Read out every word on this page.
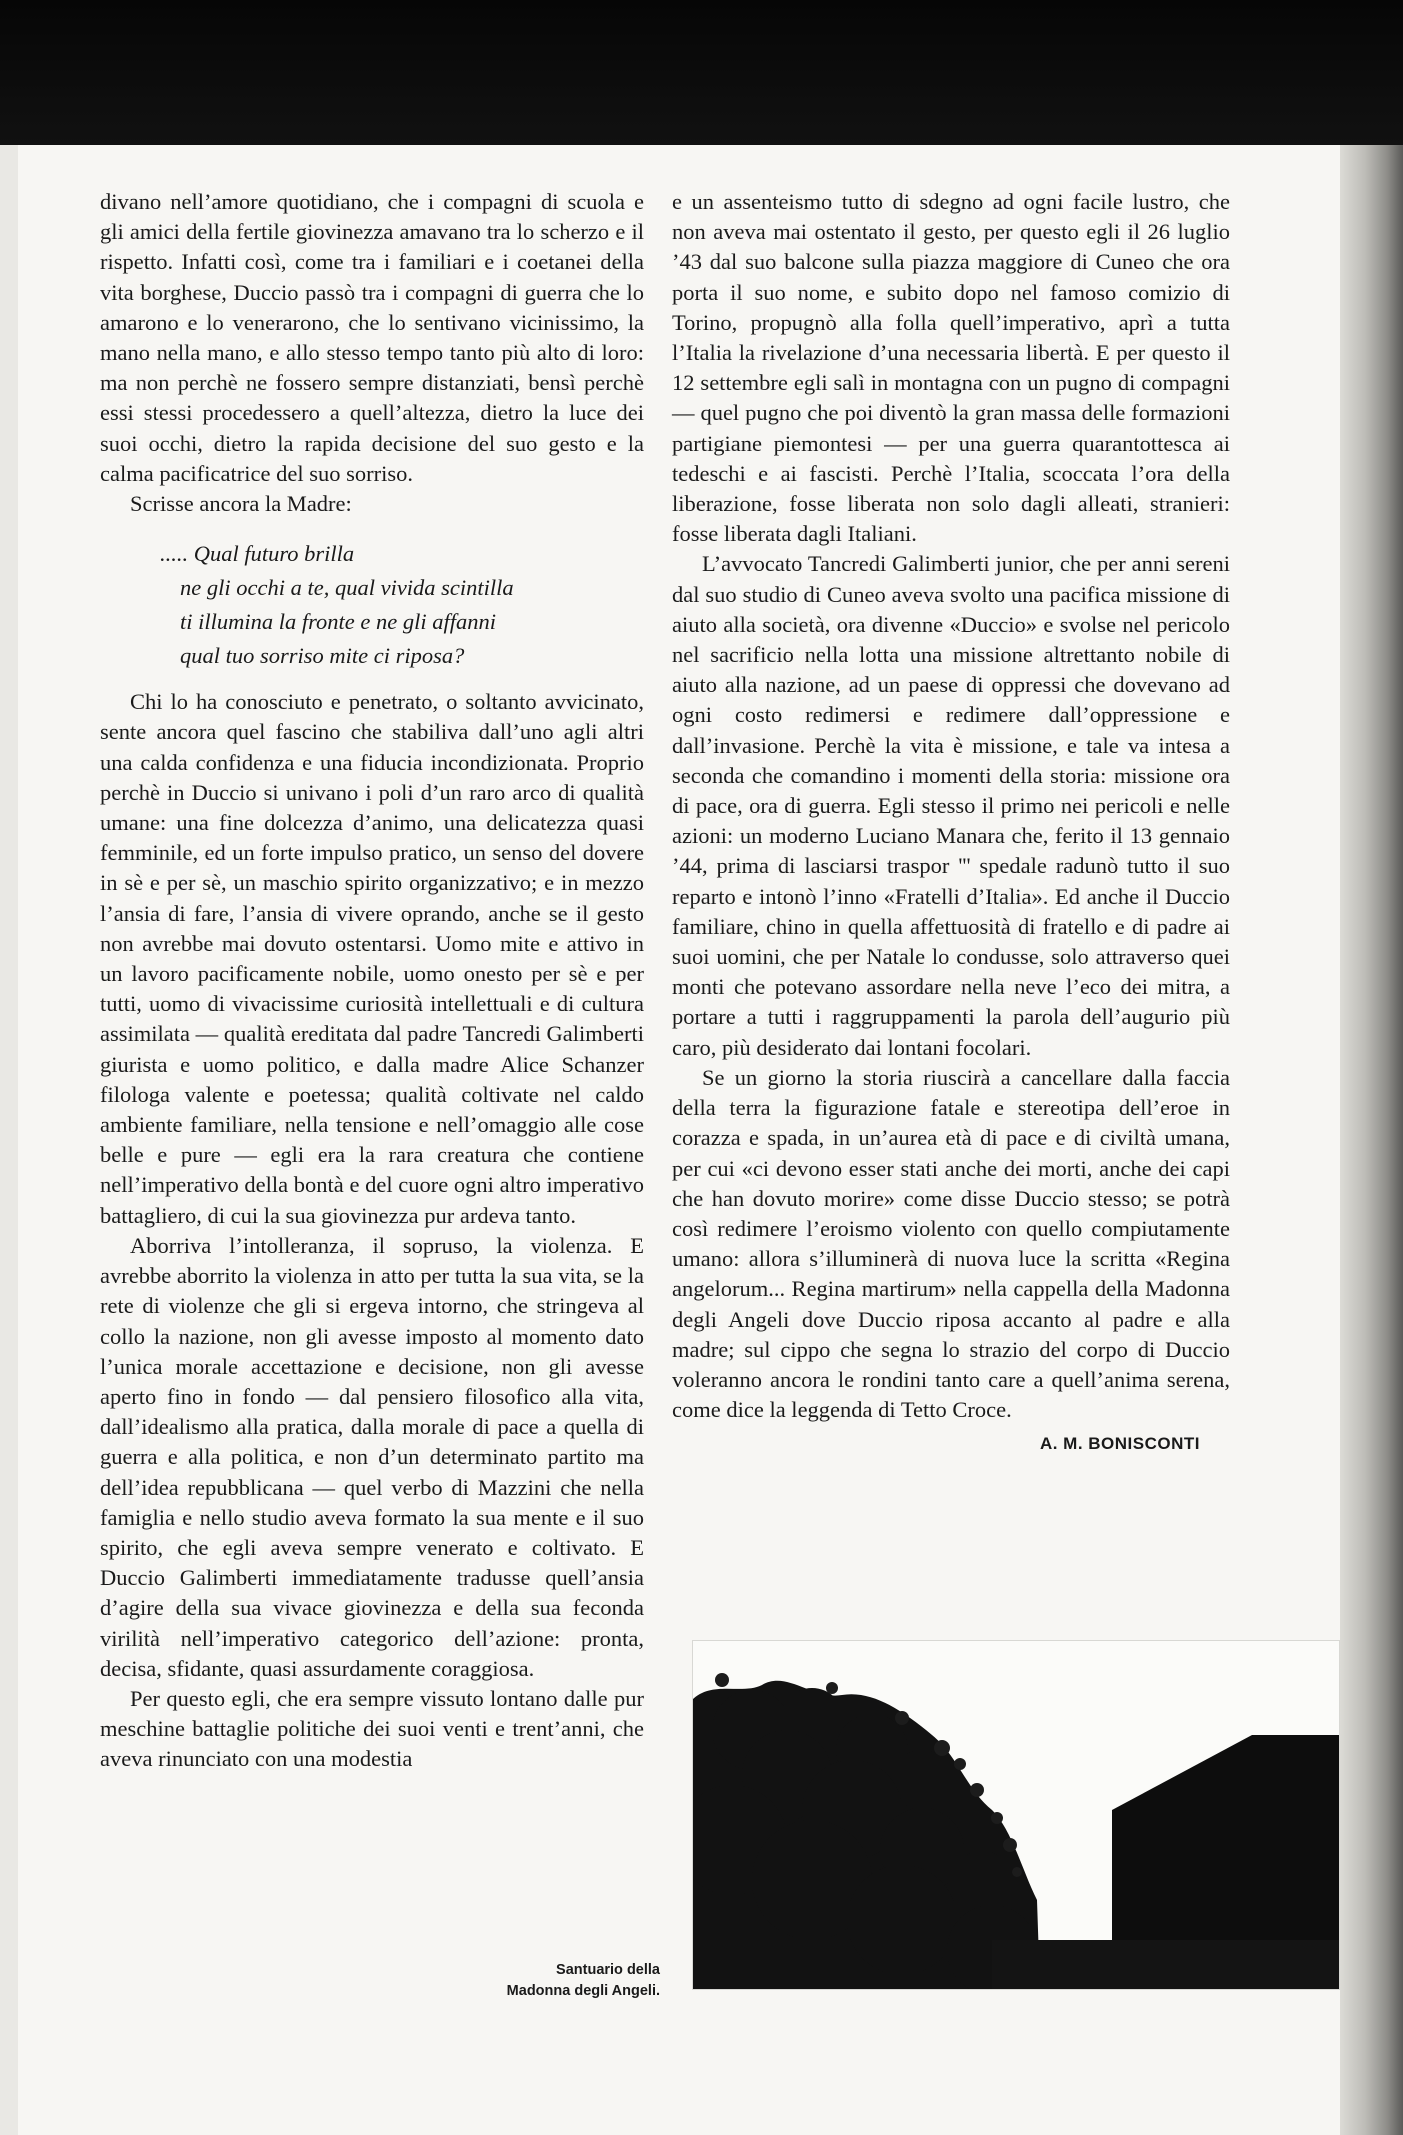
divano nell’amore quotidiano, che i compagni di scuola e gli amici della fertile giovinezza amavano tra lo scherzo e il rispetto. Infatti così, come tra i familiari e i coetanei della vita borghese, Duccio passò tra i compagni di guerra che lo amarono e lo venerarono, che lo sentivano vicinissimo, la mano nella mano, e allo stesso tempo tanto più alto di loro: ma non perchè ne fossero sempre distanziati, bensì perchè essi stessi procedessero a quell’altezza, dietro la luce dei suoi occhi, dietro la rapida decisione del suo gesto e la calma pacificatrice del suo sorriso.

Scrisse ancora la Madre:

..... Qual futuro brilla
ne gli occhi a te, qual vivida scintilla
ti illumina la fronte e ne gli affanni
qual tuo sorriso mite ci riposa?

Chi lo ha conosciuto e penetrato, o soltanto avvicinato, sente ancora quel fascino che stabiliva dall’uno agli altri una calda confidenza e una fiducia incondizionata. Proprio perchè in Duccio si univano i poli d’un raro arco di qualità umane: una fine dolcezza d’animo, una delicatezza quasi femminile, ed un forte impulso pratico, un senso del dovere in sè e per sè, un maschio spirito organizzativo; e in mezzo l’ansia di fare, l’ansia di vivere oprando, anche se il gesto non avrebbe mai dovuto ostentarsi. Uomo mite e attivo in un lavoro pacificamente nobile, uomo onesto per sè e per tutti, uomo di vivacissime curiosità intellettuali e di cultura assimilata — qualità ereditata dal padre Tancredi Galimberti giurista e uomo politico, e dalla madre Alice Schanzer filologa valente e poetessa; qualità coltivate nel caldo ambiente familiare, nella tensione e nell’omaggio alle cose belle e pure — egli era la rara creatura che contiene nell’imperativo della bontà e del cuore ogni altro imperativo battagliero, di cui la sua giovinezza pur ardeva tanto.

Aborriva l’intolleranza, il sopruso, la violenza. E avrebbe aborrito la violenza in atto per tutta la sua vita, se la rete di violenze che gli si ergeva intorno, che stringeva al collo la nazione, non gli avesse imposto al momento dato l’unica morale accettazione e decisione, non gli avesse aperto fino in fondo — dal pensiero filosofico alla vita, dall’idealismo alla pratica, dalla morale di pace a quella di guerra e alla politica, e non d’un determinato partito ma dell’idea repubblicana — quel verbo di Mazzini che nella famiglia e nello studio aveva formato la sua mente e il suo spirito, che egli aveva sempre venerato e coltivato. E Duccio Galimberti immediatamente tradusse quell’ansia d’agire della sua vivace giovinezza e della sua feconda virilità nell’imperativo categorico dell’azione: pronta, decisa, sfidante, quasi assurdamente coraggiosa.

Per questo egli, che era sempre vissuto lontano dalle pur meschine battaglie politiche dei suoi venti e trent’anni, che aveva rinunciato con una modestia

e un assenteismo tutto di sdegno ad ogni facile lustro, che non aveva mai ostentato il gesto, per questo egli il 26 luglio ’43 dal suo balcone sulla piazza maggiore di Cuneo che ora porta il suo nome, e subito dopo nel famoso comizio di Torino, propugnò alla folla quell’imperativo, aprì a tutta l’Italia la rivelazione d’una necessaria libertà. E per questo il 12 settembre egli salì in montagna con un pugno di compagni — quel pugno che poi diventò la gran massa delle formazioni partigiane piemontesi — per una guerra quarantottesca ai tedeschi e ai fascisti. Perchè l’Italia, scoccata l’ora della liberazione, fosse liberata non solo dagli alleati, stranieri: fosse liberata dagli Italiani.

L’avvocato Tancredi Galimberti junior, che per anni sereni dal suo studio di Cuneo aveva svolto una pacifica missione di aiuto alla società, ora divenne «Duccio» e svolse nel pericolo nel sacrificio nella lotta una missione altrettanto nobile di aiuto alla nazione, ad un paese di oppressi che dovevano ad ogni costo redimersi e redimere dall’oppressione e dall’invasione. Perchè la vita è missione, e tale va intesa a seconda che comandino i momenti della storia: missione ora di pace, ora di guerra. Egli stesso il primo nei pericoli e nelle azioni: un moderno Luciano Manara che, ferito il 13 gennaio ’44, prima di lasciarsi traspor ''' spedale radunò tutto il suo reparto e intonò l’inno «Fratelli d’Italia». Ed anche il Duccio familiare, chino in quella affettuosità di fratello e di padre ai suoi uomini, che per Natale lo condusse, solo attraverso quei monti che potevano assordare nella neve l’eco dei mitra, a portare a tutti i raggruppamenti la parola dell’augurio più caro, più desiderato dai lontani focolari.

Se un giorno la storia riuscirà a cancellare dalla faccia della terra la figurazione fatale e stereotipa dell’eroe in corazza e spada, in un’aurea età di pace e di civiltà umana, per cui «ci devono esser stati anche dei morti, anche dei capi che han dovuto morire» come disse Duccio stesso; se potrà così redimere l’eroismo violento con quello compiutamente umano: allora s’illuminerà di nuova luce la scritta «Regina angelorum... Regina martirum» nella cappella della Madonna degli Angeli dove Duccio riposa accanto al padre e alla madre; sul cippo che segna lo strazio del corpo di Duccio voleranno ancora le rondini tanto care a quell’anima serena, come dice la leggenda di Tetto Croce.

A. M. BONISCONTI
Santuario della
Madonna degli Angeli.
